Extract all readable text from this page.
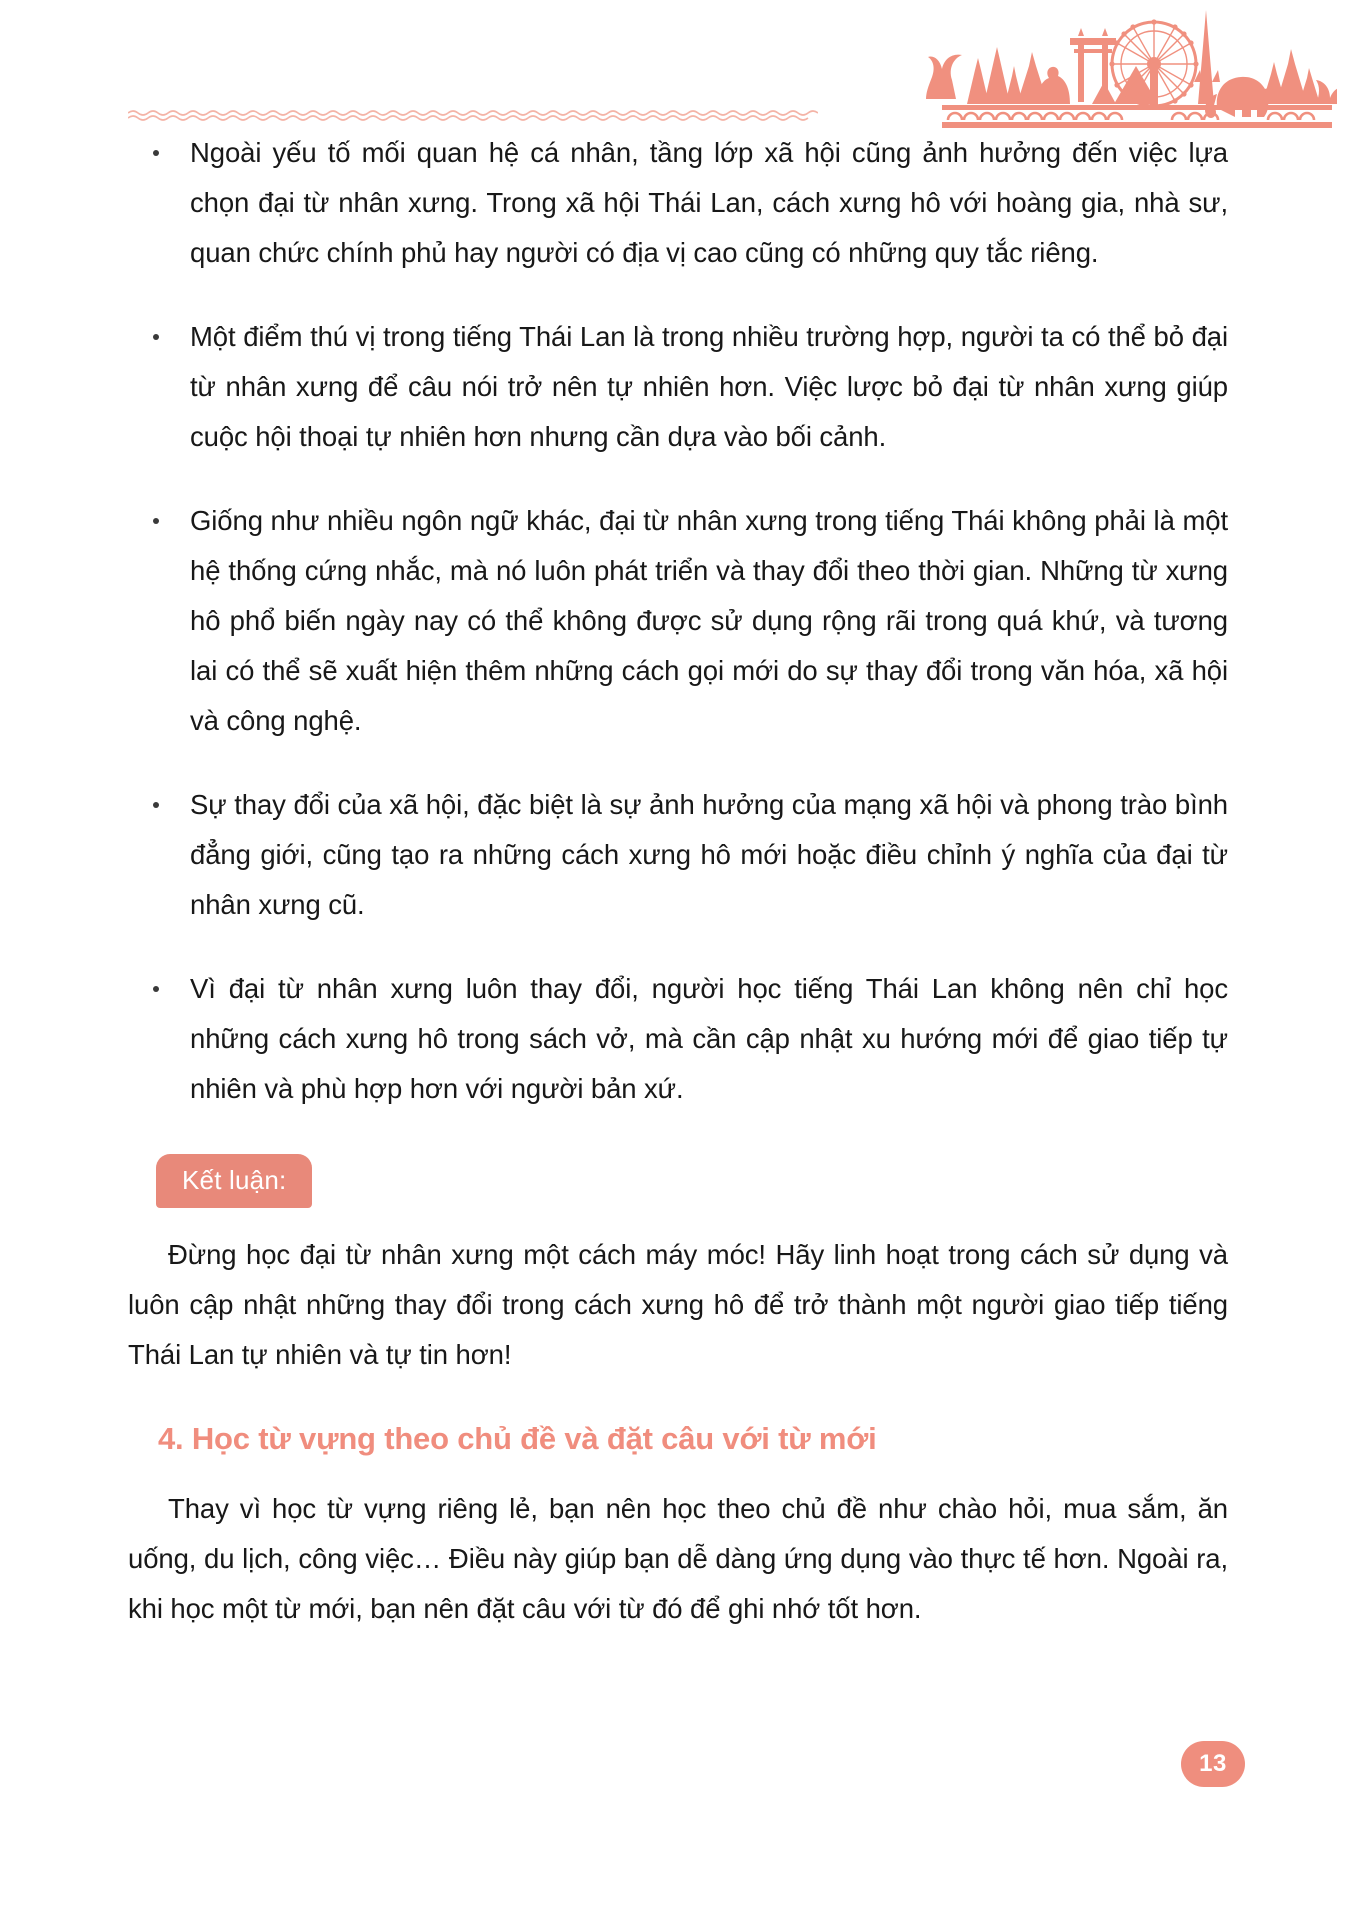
Ngoài yếu tố mối quan hệ cá nhân, tầng lớp xã hội cũng ảnh hưởng đến việc lựa chọn đại từ nhân xưng. Trong xã hội Thái Lan, cách xưng hô với hoàng gia, nhà sư, quan chức chính phủ hay người có địa vị cao cũng có những quy tắc riêng.
Một điểm thú vị trong tiếng Thái Lan là trong nhiều trường hợp, người ta có thể bỏ đại từ nhân xưng để câu nói trở nên tự nhiên hơn. Việc lược bỏ đại từ nhân xưng giúp cuộc hội thoại tự nhiên hơn nhưng cần dựa vào bối cảnh.
Giống như nhiều ngôn ngữ khác, đại từ nhân xưng trong tiếng Thái không phải là một hệ thống cứng nhắc, mà nó luôn phát triển và thay đổi theo thời gian. Những từ xưng hô phổ biến ngày nay có thể không được sử dụng rộng rãi trong quá khứ, và tương lai có thể sẽ xuất hiện thêm những cách gọi mới do sự thay đổi trong văn hóa, xã hội và công nghệ.
Sự thay đổi của xã hội, đặc biệt là sự ảnh hưởng của mạng xã hội và phong trào bình đẳng giới, cũng tạo ra những cách xưng hô mới hoặc điều chỉnh ý nghĩa của đại từ nhân xưng cũ.
Vì đại từ nhân xưng luôn thay đổi, người học tiếng Thái Lan không nên chỉ học những cách xưng hô trong sách vở, mà cần cập nhật xu hướng mới để giao tiếp tự nhiên và phù hợp hơn với người bản xứ.
Kết luận:

Đừng học đại từ nhân xưng một cách máy móc! Hãy linh hoạt trong cách sử dụng và luôn cập nhật những thay đổi trong cách xưng hô để trở thành một người giao tiếp tiếng Thái Lan tự nhiên và tự tin hơn!

4. Học từ vựng theo chủ đề và đặt câu với từ mới

Thay vì học từ vựng riêng lẻ, bạn nên học theo chủ đề như chào hỏi, mua sắm, ăn uống, du lịch, công việc… Điều này giúp bạn dễ dàng ứng dụng vào thực tế hơn. Ngoài ra, khi học một từ mới, bạn nên đặt câu với từ đó để ghi nhớ tốt hơn.

13
